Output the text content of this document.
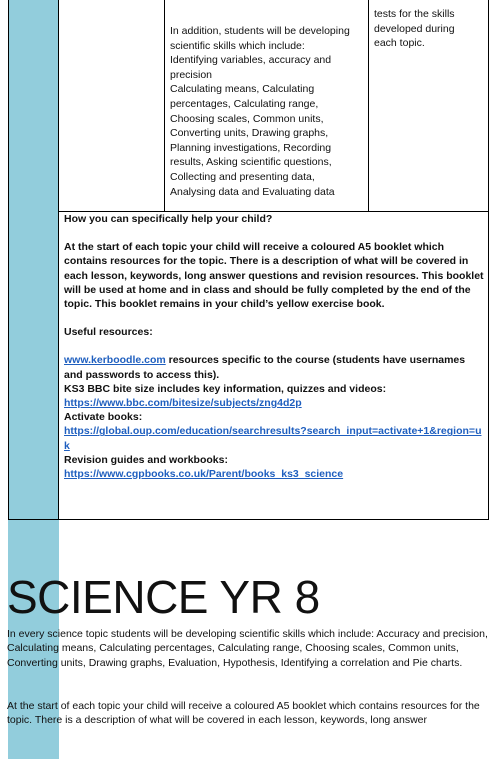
In addition, students will be developing
scientific skills which include:
Identifying variables, accuracy and
precision
Calculating means, Calculating
percentages, Calculating range,
Choosing scales, Common units,
Converting units, Drawing graphs,
Planning investigations, Recording
results, Asking scientific questions,
Collecting and presenting data,
Analysing data and Evaluating data
tests for the skills
developed during
each topic.

How you can specifically help your child?

At the start of each topic your child will receive a coloured A5 booklet which contains resources for the topic. There is a description of what will be covered in each lesson, keywords, long answer questions and revision resources. This booklet will be used at home and in class and should be fully completed by the end of the topic. This booklet remains in your child’s yellow exercise book.

Useful resources:

www.kerboodle.com resources specific to the course (students have usernames and passwords to access this).

KS3 BBC bite size includes key information, quizzes and videos:

https://www.bbc.com/bitesize/subjects/zng4d2p

Activate books:

https://global.oup.com/education/searchresults?search_input=activate+1&region=uk

Revision guides and workbooks:

https://www.cgpbooks.co.uk/Parent/books_ks3_science

SCIENCE YR 8

In every science topic students will be developing scientific skills which include: Accuracy and precision, Calculating means, Calculating percentages, Calculating range, Choosing scales, Common units, Converting units, Drawing graphs, Evaluation, Hypothesis, Identifying a correlation and Pie charts.

At the start of each topic your child will receive a coloured A5 booklet which contains resources for the topic. There is a description of what will be covered in each lesson, keywords, long answer
